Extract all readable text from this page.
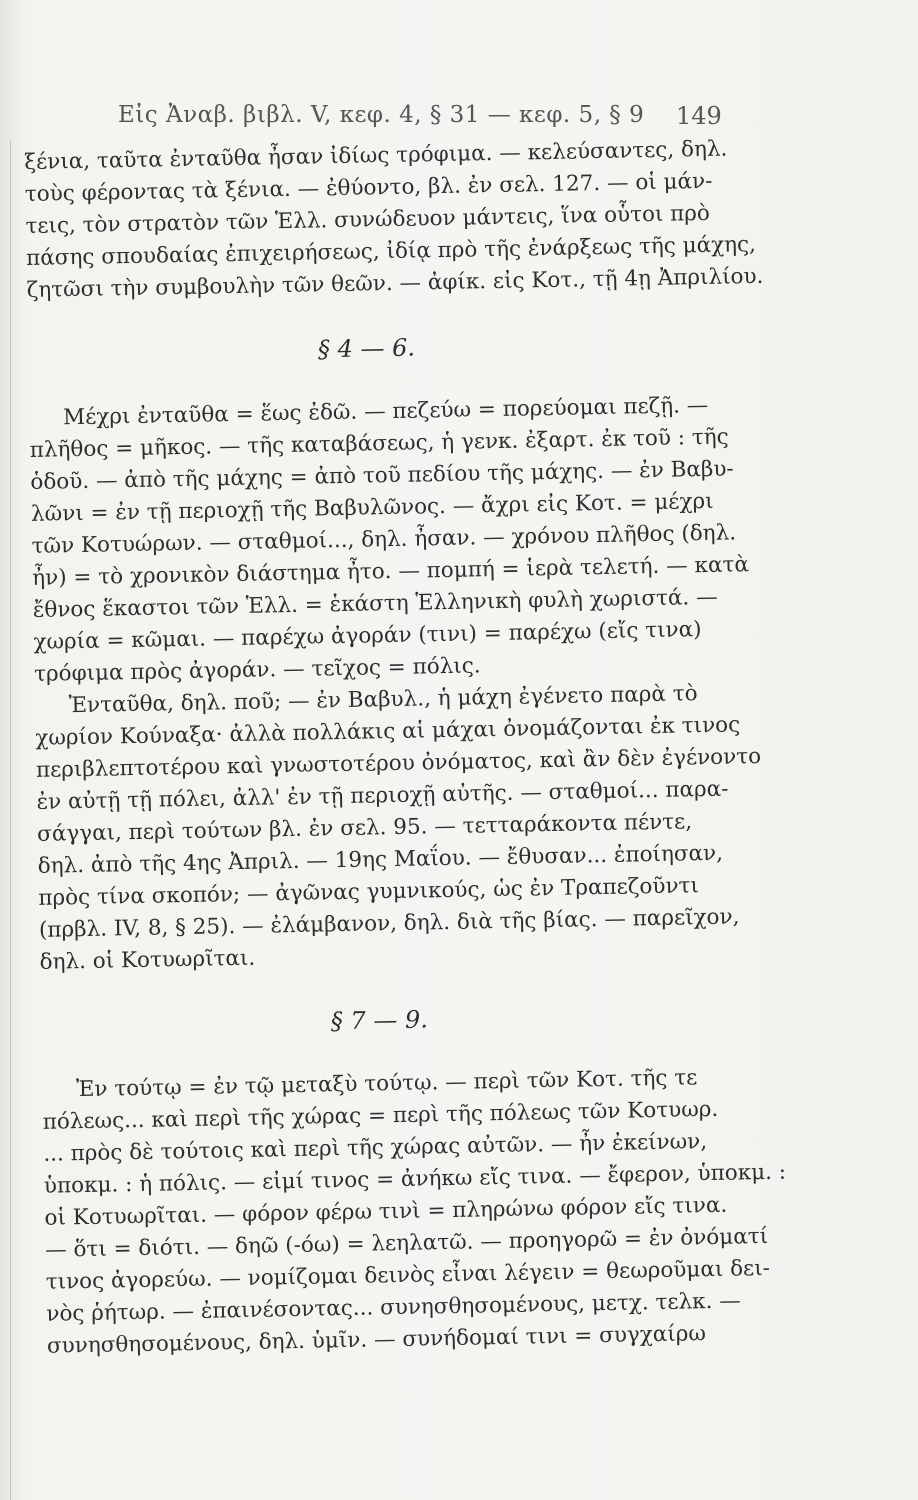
Εἰς Ἀναβ. βιβλ. V, κεφ. 4, § 31 — κεφ. 5, § 9	149
ξένια, ταῦτα ἐνταῦθα ἦσαν ἰδίως τρόφιμα. — κελεύσαντες, δηλ.
τοὺς φέροντας τὰ ξένια. — ἐθύοντο, βλ. ἐν σελ. 127. — οἱ μάν-
τεις, τὸν στρατὸν τῶν Ἑλλ. συνώδευον μάντεις, ἵνα οὗτοι πρὸ
πάσης σπουδαίας ἐπιχειρήσεως, ἰδίᾳ πρὸ τῆς ἐνάρξεως τῆς μάχης,
ζητῶσι τὴν συμβουλὴν τῶν θεῶν. — ἀφίκ. εἰς Κοτ., τῇ 4ῃ Ἀπριλίου.
§ 4 — 6.
Μέχρι ἐνταῦθα = ἕως ἐδῶ. — πεζεύω = πορεύομαι πεζῇ. —
πλῆθος = μῆκος. — τῆς καταβάσεως, ἡ γενκ. ἐξαρτ. ἐκ τοῦ : τῆς
ὁδοῦ. — ἀπὸ τῆς μάχης = ἀπὸ τοῦ πεδίου τῆς μάχης. — ἐν Βαβυ-
λῶνι = ἐν τῇ περιοχῇ τῆς Βαβυλῶνος. — ἄχρι εἰς Κοτ. = μέχρι
τῶν Κοτυώρων. — σταθμοί..., δηλ. ἦσαν. — χρόνου πλῆθος (δηλ.
ἦν) = τὸ χρονικὸν διάστημα ἦτο. — πομπή = ἱερὰ τελετή. — κατὰ
ἔθνος ἕκαστοι τῶν Ἑλλ. = ἑκάστη Ἑλληνικὴ φυλὴ χωριστά. —
χωρία = κῶμαι. — παρέχω ἀγοράν (τινι) = παρέχω (εἴς τινα)
τρόφιμα πρὸς ἀγοράν. — τεῖχος = πόλις.
Ἐνταῦθα, δηλ. ποῦ; — ἐν Βαβυλ., ἡ μάχη ἐγένετο παρὰ τὸ
χωρίον Κούναξα· ἀλλὰ πολλάκις αἱ μάχαι ὀνομάζονται ἐκ τινος
περιβλεπτοτέρου καὶ γνωστοτέρου ὀνόματος, καὶ ἂν δὲν ἐγένοντο
ἐν αὐτῇ τῇ πόλει, ἀλλ' ἐν τῇ περιοχῇ αὐτῆς. — σταθμοί... παρα-
σάγγαι, περὶ τούτων βλ. ἐν σελ. 95. — τετταράκοντα πέντε,
δηλ. ἀπὸ τῆς 4ης Ἀπριλ. — 19ης Μαΐου. — ἔθυσαν... ἐποίησαν,
πρὸς τίνα σκοπόν; — ἀγῶνας γυμνικούς, ὡς ἐν Τραπεζοῦντι
(πρβλ. IV, 8, § 25). — ἐλάμβανον, δηλ. διὰ τῆς βίας. — παρεῖχον,
δηλ. οἱ Κοτυωρῖται.
§ 7 — 9.
Ἐν τούτῳ = ἐν τῷ μεταξὺ τούτῳ. — περὶ τῶν Κοτ. τῆς τε
πόλεως... καὶ περὶ τῆς χώρας = περὶ τῆς πόλεως τῶν Κοτυωρ.
... πρὸς δὲ τούτοις καὶ περὶ τῆς χώρας αὐτῶν. — ἦν ἐκείνων,
ὑποκμ. : ἡ πόλις. — εἰμί τινος = ἀνήκω εἴς τινα. — ἔφερον, ὑποκμ. :
οἱ Κοτυωρῖται. — φόρον φέρω τινὶ = πληρώνω φόρον εἴς τινα.
— ὅτι = διότι. — δηῶ (-όω) = λεηλατῶ. — προηγορῶ = ἐν ὀνόματί
τινος ἀγορεύω. — νομίζομαι δεινὸς εἶναι λέγειν = θεωροῦμαι δει-
νὸς ῥήτωρ. — ἐπαινέσοντας... συνησθησομένους, μετχ. τελκ. —
συνησθησομένους, δηλ. ὑμῖν. — συνήδομαί τινι = συγχαίρω
